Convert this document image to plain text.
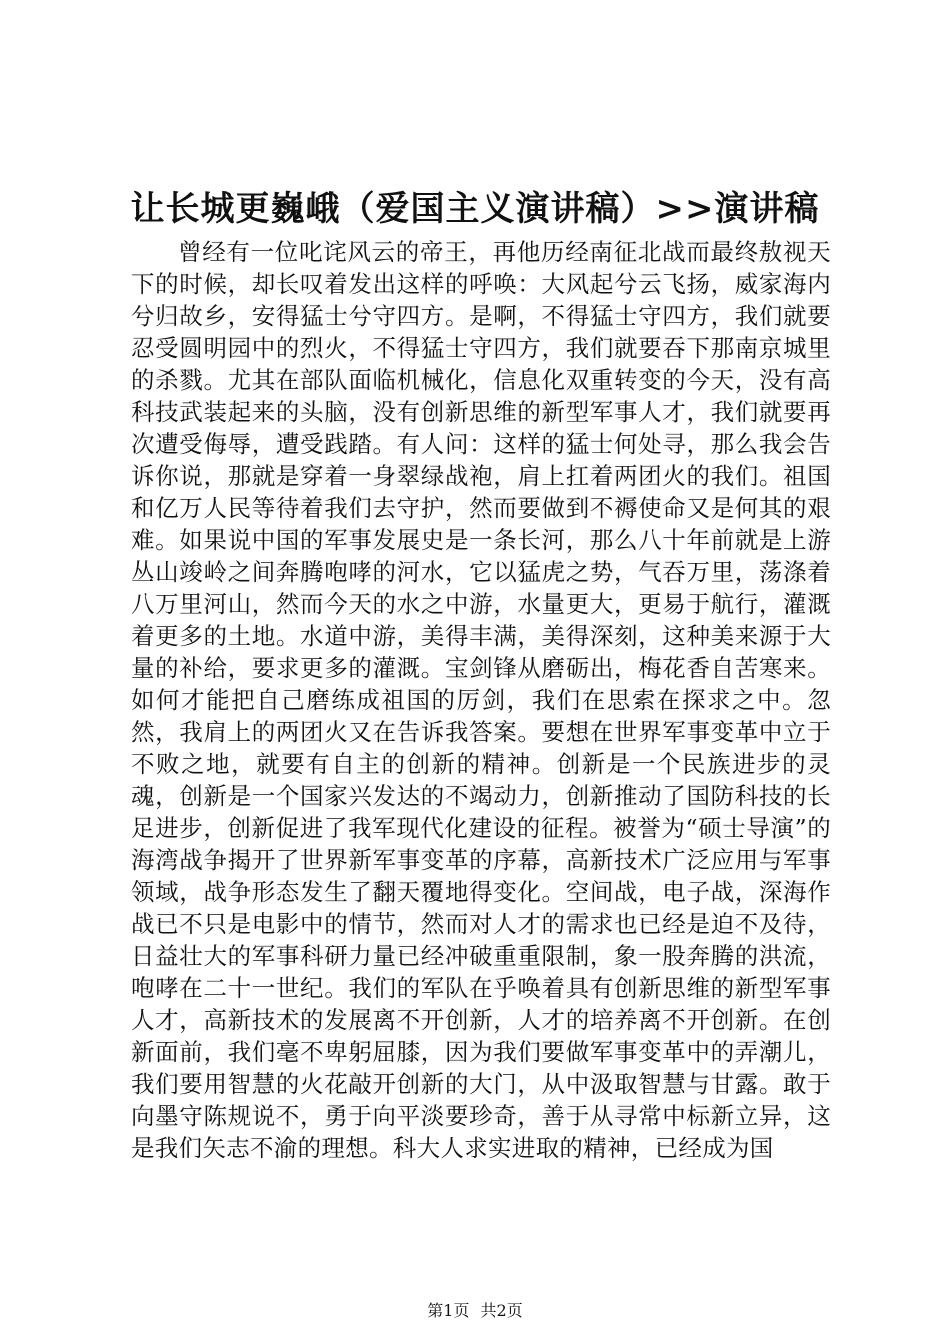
让长城更巍峨（爱国主义演讲稿）>>演讲稿

曾经有一位叱诧风云的帝王，再他历经南征北战而最终敖视天下的时候，却长叹着发出这样的呼唤：大风起兮云飞扬，威家海内兮归故乡，安得猛士兮守四方。是啊，不得猛士守四方，我们就要忍受圆明园中的烈火，不得猛士守四方，我们就要吞下那南京城里的杀戮。尤其在部队面临机械化，信息化双重转变的今天，没有高科技武装起来的头脑，没有创新思维的新型军事人才，我们就要再次遭受侮辱，遭受践踏。有人问：这样的猛士何处寻，那么我会告诉你说，那就是穿着一身翠绿战袍，肩上扛着两团火的我们。祖国和亿万人民等待着我们去守护，然而要做到不褥使命又是何其的艰难。如果说中国的军事发展史是一条长河，那么八十年前就是上游丛山竣岭之间奔腾咆哮的河水，它以猛虎之势，气吞万里，荡涤着八万里河山，然而今天的水之中游，水量更大，更易于航行，灌溉着更多的土地。水道中游，美得丰满，美得深刻，这种美来源于大量的补给，要求更多的灌溉。宝剑锋从磨砺出，梅花香自苦寒来。如何才能把自己磨练成祖国的厉剑，我们在思索在探求之中。忽然，我肩上的两团火又在告诉我答案。要想在世界军事变革中立于不败之地，就要有自主的创新的精神。创新是一个民族进步的灵魂，创新是一个国家兴发达的不竭动力，创新推动了国防科技的长足进步，创新促进了我军现代化建设的征程。被誉为“硕士导演”的海湾战争揭开了世界新军事变革的序幕，高新技术广泛应用与军事领域，战争形态发生了翻天覆地得变化。空间战，电子战，深海作战已不只是电影中的情节，然而对人才的需求也已经是迫不及待，日益壮大的军事科研力量已经冲破重重限制，象一股奔腾的洪流，咆哮在二十一世纪。我们的军队在乎唤着具有创新思维的新型军事人才，高新技术的发展离不开创新，人才的培养离不开创新。在创新面前，我们毫不卑躬屈膝，因为我们要做军事变革中的弄潮儿，我们要用智慧的火花敲开创新的大门，从中汲取智慧与甘露。敢于向墨守陈规说不，勇于向平淡要珍奇，善于从寻常中标新立异，这是我们矢志不渝的理想。科大人求实进取的精神，已经成为国

第1页 共2页
